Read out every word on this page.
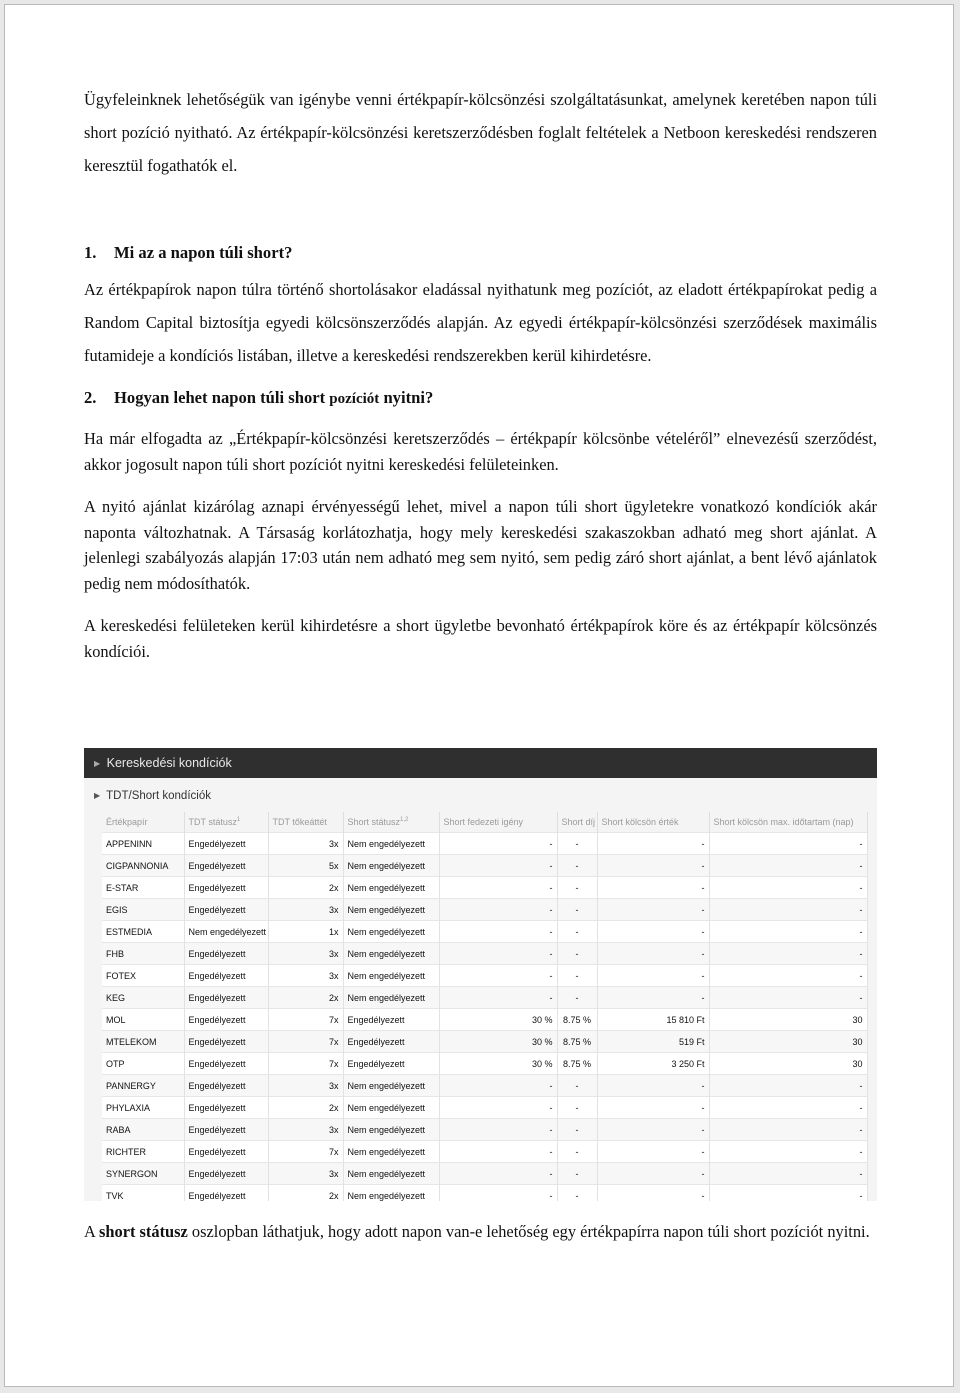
Ügyfeleinknek lehetőségük van igénybe venni értékpapír-kölcsönzési szolgáltatásunkat, amelynek keretében napon túli short pozíció nyitható. Az értékpapír-kölcsönzési keretszerződésben foglalt feltételek a Netboon kereskedési rendszeren keresztül fogathatók el.

1. Mi az a napon túli short?

Az értékpapírok napon túlra történő shortolásakor eladással nyithatunk meg pozíciót, az eladott értékpapírokat pedig a Random Capital biztosítja egyedi kölcsönszerződés alapján. Az egyedi értékpapír-kölcsönzési szerződések maximális futamideje a kondíciós listában, illetve a kereskedési rendszerekben kerül kihirdetésre.

2. Hogyan lehet napon túli short pozíciót nyitni?

Ha már elfogadta az „Értékpapír-kölcsönzési keretszerződés – értékpapír kölcsönbe vételéről” elnevezésű szerződést, akkor jogosult napon túli short pozíciót nyitni kereskedési felületeinken.

A nyitó ajánlat kizárólag aznapi érvényességű lehet, mivel a napon túli short ügyletekre vonatkozó kondíciók akár naponta változhatnak. A Társaság korlátozhatja, hogy mely kereskedési szakaszokban adható meg short ajánlat. A jelenlegi szabályozás alapján 17:03 után nem adható meg sem nyitó, sem pedig záró short ajánlat, a bent lévő ajánlatok pedig nem módosíthatók.

A kereskedési felületeken kerül kihirdetésre a short ügyletbe bevonható értékpapírok köre és az értékpapír kölcsönzés kondíciói.

▶ Kereskedési kondíciók
▶ TDT/Short kondíciók
Értékpapír	TDT státusz$^1$	TDT tőkeáttét	Short státusz$^{1,2}$	Short fedezeti igény	Short díj	Short kölcsön érték	Short kölcsön max. időtartam (nap)
APPENINN	Engedélyezett	3x	Nem engedélyezett	-	-	-	-
CIGPANNONIA	Engedélyezett	5x	Nem engedélyezett	-	-	-	-
E-STAR	Engedélyezett	2x	Nem engedélyezett	-	-	-	-
EGIS	Engedélyezett	3x	Nem engedélyezett	-	-	-	-
ESTMEDIA	Nem engedélyezett	1x	Nem engedélyezett	-	-	-	-
FHB	Engedélyezett	3x	Nem engedélyezett	-	-	-	-
FOTEX	Engedélyezett	3x	Nem engedélyezett	-	-	-	-
KEG	Engedélyezett	2x	Nem engedélyezett	-	-	-	-
MOL	Engedélyezett	7x	Engedélyezett	30 %	8.75 %	15 810 Ft	30
MTELEKOM	Engedélyezett	7x	Engedélyezett	30 %	8.75 %	519 Ft	30
OTP	Engedélyezett	7x	Engedélyezett	30 %	8.75 %	3 250 Ft	30
PANNERGY	Engedélyezett	3x	Nem engedélyezett	-	-	-	-
PHYLAXIA	Engedélyezett	2x	Nem engedélyezett	-	-	-	-
RABA	Engedélyezett	3x	Nem engedélyezett	-	-	-	-
RICHTER	Engedélyezett	7x	Nem engedélyezett	-	-	-	-
SYNERGON	Engedélyezett	3x	Nem engedélyezett	-	-	-	-
TVK	Engedélyezett	2x	Nem engedélyezett	-	-	-	-

A short státusz oszlopban láthatjuk, hogy adott napon van-e lehetőség egy értékpapírra napon túli short pozíciót nyitni.
